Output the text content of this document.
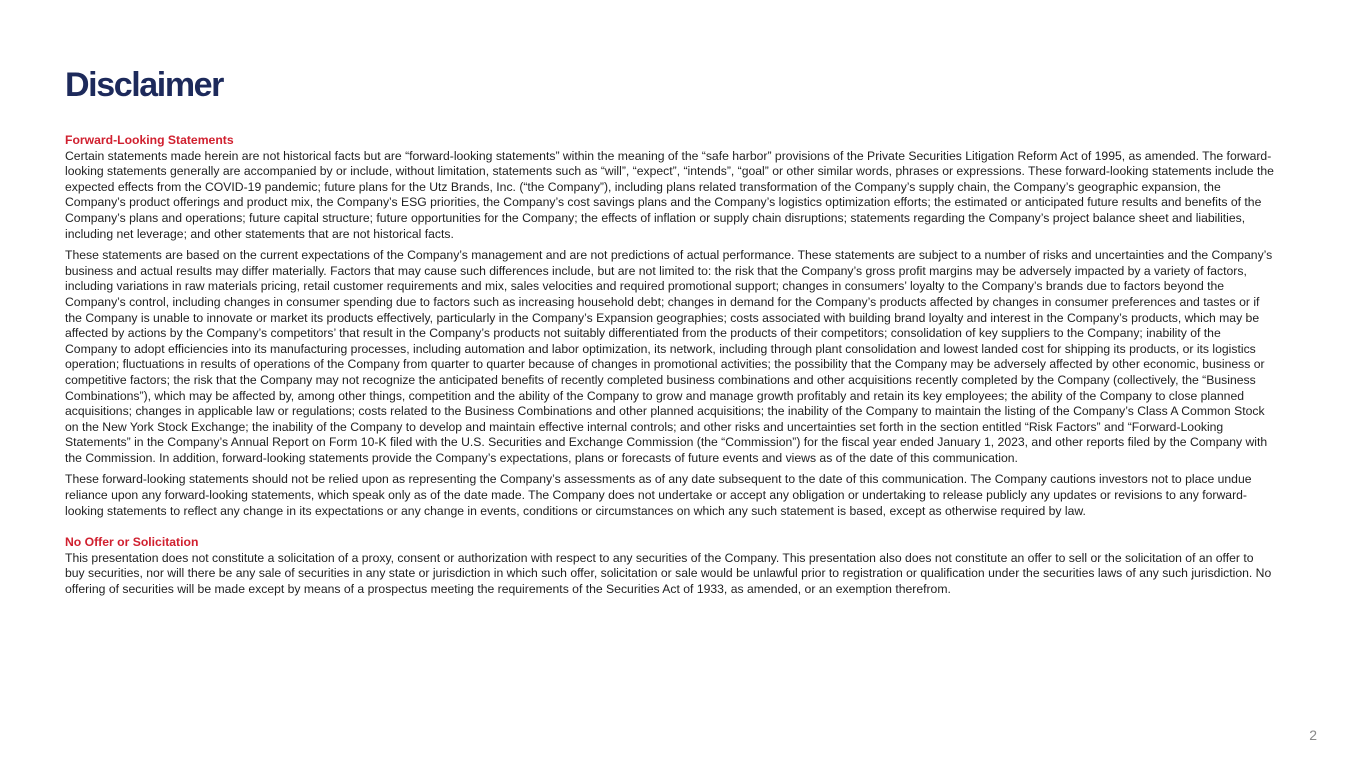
Disclaimer

Forward-Looking Statements

Certain statements made herein are not historical facts but are “forward-looking statements” within the meaning of the “safe harbor” provisions of the Private Securities Litigation Reform Act of 1995, as amended. The forward-looking statements generally are accompanied by or include, without limitation, statements such as “will”, “expect”, “intends”, “goal” or other similar words, phrases or expressions. These forward-looking statements include the expected effects from the COVID-19 pandemic; future plans for the Utz Brands, Inc. (“the Company”), including plans related transformation of the Company’s supply chain, the Company’s geographic expansion, the Company’s product offerings and product mix, the Company’s ESG priorities, the Company’s cost savings plans and the Company’s logistics optimization efforts; the estimated or anticipated future results and benefits of the Company’s plans and operations; future capital structure; future opportunities for the Company; the effects of inflation or supply chain disruptions; statements regarding the Company’s project balance sheet and liabilities, including net leverage; and other statements that are not historical facts.

These statements are based on the current expectations of the Company’s management and are not predictions of actual performance. These statements are subject to a number of risks and uncertainties and the Company’s business and actual results may differ materially. Factors that may cause such differences include, but are not limited to: the risk that the Company’s gross profit margins may be adversely impacted by a variety of factors, including variations in raw materials pricing, retail customer requirements and mix, sales velocities and required promotional support; changes in consumers’ loyalty to the Company’s brands due to factors beyond the Company’s control, including changes in consumer spending due to factors such as increasing household debt; changes in demand for the Company’s products affected by changes in consumer preferences and tastes or if the Company is unable to innovate or market its products effectively, particularly in the Company’s Expansion geographies; costs associated with building brand loyalty and interest in the Company’s products, which may be affected by actions by the Company’s competitors’ that result in the Company’s products not suitably differentiated from the products of their competitors; consolidation of key suppliers to the Company; inability of the Company to adopt efficiencies into its manufacturing processes, including automation and labor optimization, its network, including through plant consolidation and lowest landed cost for shipping its products, or its logistics operation; fluctuations in results of operations of the Company from quarter to quarter because of changes in promotional activities; the possibility that the Company may be adversely affected by other economic, business or competitive factors; the risk that the Company may not recognize the anticipated benefits of recently completed business combinations and other acquisitions recently completed by the Company (collectively, the “Business Combinations”), which may be affected by, among other things, competition and the ability of the Company to grow and manage growth profitably and retain its key employees; the ability of the Company to close planned acquisitions; changes in applicable law or regulations; costs related to the Business Combinations and other planned acquisitions; the inability of the Company to maintain the listing of the Company’s Class A Common Stock on the New York Stock Exchange; the inability of the Company to develop and maintain effective internal controls; and other risks and uncertainties set forth in the section entitled “Risk Factors” and “Forward-Looking Statements” in the Company’s Annual Report on Form 10-K filed with the U.S. Securities and Exchange Commission (the “Commission”) for the fiscal year ended January 1, 2023, and other reports filed by the Company with the Commission. In addition, forward-looking statements provide the Company’s expectations, plans or forecasts of future events and views as of the date of this communication.

These forward-looking statements should not be relied upon as representing the Company’s assessments as of any date subsequent to the date of this communication. The Company cautions investors not to place undue reliance upon any forward-looking statements, which speak only as of the date made. The Company does not undertake or accept any obligation or undertaking to release publicly any updates or revisions to any forward-looking statements to reflect any change in its expectations or any change in events, conditions or circumstances on which any such statement is based, except as otherwise required by law.

No Offer or Solicitation

This presentation does not constitute a solicitation of a proxy, consent or authorization with respect to any securities of the Company. This presentation also does not constitute an offer to sell or the solicitation of an offer to buy securities, nor will there be any sale of securities in any state or jurisdiction in which such offer, solicitation or sale would be unlawful prior to registration or qualification under the securities laws of any such jurisdiction. No offering of securities will be made except by means of a prospectus meeting the requirements of the Securities Act of 1933, as amended, or an exemption therefrom.

2
